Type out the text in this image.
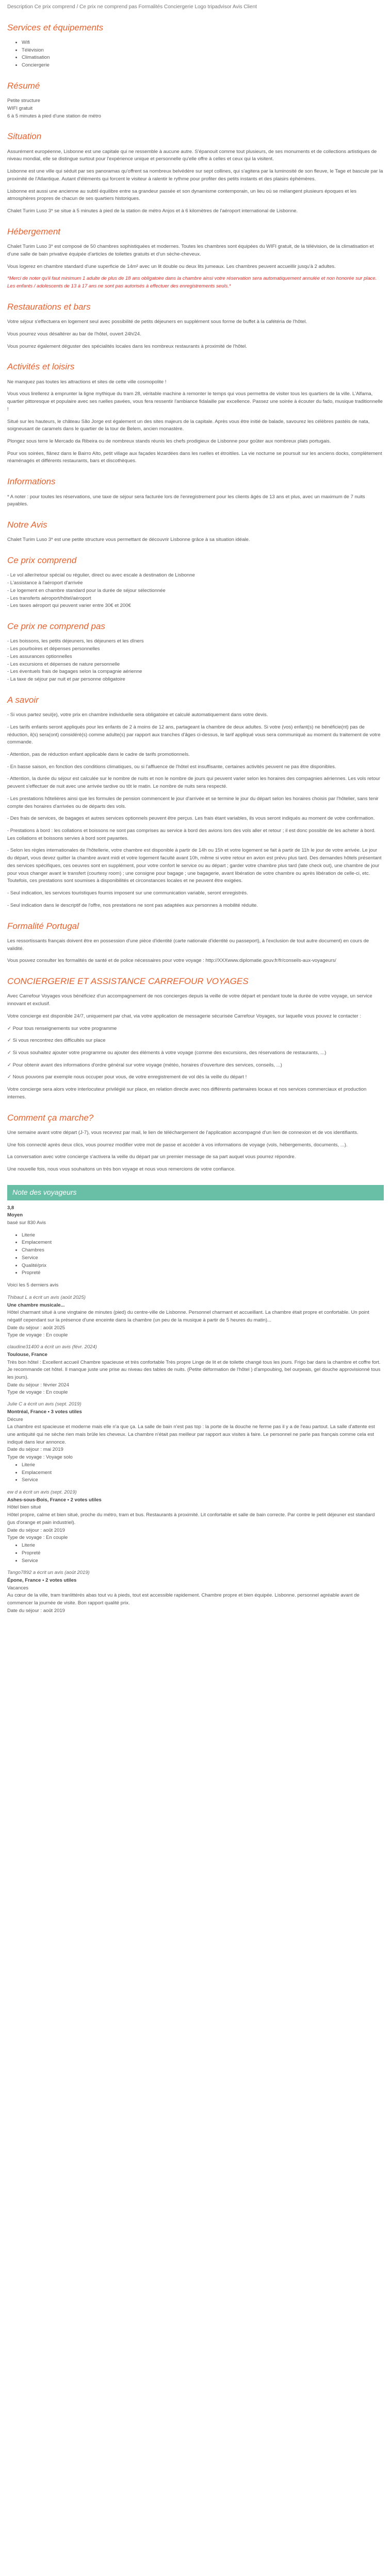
Description Ce prix comprend / Ce prix ne comprend pas Formalités Conciergerie Logo tripadvisor Avis Client
Services et équipements
• Wifi
• Télévision
• Climatisation
• Conciergerie
Résumé
Petite structure
WIFI gratuit
6 à 5 minutes à pied d'une station de métro
Situation

Assurément européenne, Lisbonne est une capitale qui ne ressemble à aucune autre. S'épanouit comme tout plusieurs, de ses monuments et de collections artistiques de niveau mondial, elle se distingue surtout pour l'expérience unique et personnelle qu'elle offre à celles et ceux qui la visitent.

Lisbonne est une ville qui séduit par ses panoramas qu'offrent sa nombreux belvédère sur sept collines, qui s'agitera par la luminosité de son fleuve, le Tage et bascule par la proximité de l'Atlantique. Autant d'éléments qui forcent le visiteur à ralentir le rythme pour profiter des petits instants et des plaisirs éphémères.

Lisbonne est aussi une ancienne au subtil équilibre entre sa grandeur passée et son dynamisme contemporain, un lieu où se mélangent plusieurs époques et les atmosphères propres de chacun de ses quartiers historiques.

Chalet Turim Luso 3* se situe à 5 minutes à pied de la station de métro Anjos et à 6 kilomètres de l'aéroport international de Lisbonne.

Hébergement

Chalet Turim Luso 3* est composé de 50 chambres sophistiquées et modernes. Toutes les chambres sont équipées du WIFI gratuit, de la télévision, de la climatisation et d'une salle de bain privative équipée d'articles de toilettes gratuits et d'un sèche-cheveux.

Vous logerez en chambre standard d'une superficie de 14m² avec un lit double ou deux lits jumeaux. Les chambres peuvent accueillir jusqu'à 2 adultes.

*Merci de noter qu'il faut minimum 1 adulte de plus de 18 ans obligatoire dans la chambre ainsi votre réservation sera automatiquement annulée et non honorée sur place. Les enfants / adolescents de 13 à 17 ans ne sont pas autorisés à effectuer des enregistrements seuls.*

Restaurations et bars

Votre séjour s'effectuera en logement seul avec possibilité de petits déjeuners en supplément sous forme de buffet à la cafétéria de l'hôtel.

Vous pourrez vous désaltérer au bar de l'hôtel, ouvert 24h/24.

Vous pourrez également déguster des spécialités locales dans les nombreux restaurants à proximité de l'hôtel.

Activités et loisirs

Ne manquez pas toutes les attractions et sites de cette ville cosmopolite !

Vous vous lirellerez à emprunter la ligne mythique du tram 28, véritable machine à remonter le temps qui vous permettra de visiter tous les quartiers de la ville. L'Alfama, quartier pittoresque et populaire avec ses ruelles pavées, vous fera ressentir l'ambiance fidalaille par excellence. Passez une soirée à écouter du fado, musique traditionnelle !

Situé sur les hauteurs, le château São Jorge est également un des sites majeurs de la capitale. Après vous être initié de balade, savourez les célèbres pastéis de nata, soigneusant de caramels dans le quartier de la tour de Belem, ancien monastère.

Plongez sous terre le Mercado da Ribeira ou de nombreux stands réunis les chefs prodigieux de Lisbonne pour goûter aux nombreux plats portugais.

Pour vos soirées, flânez dans le Bairro Alto, petit village aux façades lézardées dans les ruelles et étroitiles. La vie nocturne se poursuit sur les anciens docks, complètement réaménagés et différents restaurants, bars et discothèques.

Informations

* A noter : pour toutes les réservations, une taxe de séjour sera facturée lors de l'enregistrement pour les clients âgés de 13 ans et plus, avec un maximum de 7 nuits payables.

Notre Avis

Chalet Turim Luso 3* est une petite structure vous permettant de découvrir Lisbonne grâce à sa situation idéale.

Ce prix comprend
- Le vol aller/retour spécial ou régulier, direct ou avec escale à destination de Lisbonne
- L'assistance à l'aéroport d'arrivée
- Le logement en chambre standard pour la durée de séjour sélectionnée
- Les transferts aéroport/hôtel/aéroport
- Les taxes aéroport qui peuvent varier entre 30€ et 200€
Ce prix ne comprend pas
- Les boissons, les petits déjeuners, les déjeuners et les dîners
- Les pourboires et dépenses personnelles
- Les assurances optionnelles
- Les excursions et dépenses de nature personnelle
- Les éventuels frais de bagages selon la compagnie aérienne
- La taxe de séjour par nuit et par personne obligatoire
A savoir

- Si vous partez seul(e), votre prix en chambre individuelle sera obligatoire et calculé automatiquement dans votre devis.

- Les tarifs enfants seront appliqués pour les enfants de 2 à moins de 12 ans, partageant la chambre de deux adultes. Si votre (vos) enfant(s) ne bénéficie(nt) pas de réduction, il(s) sera(ont) considéré(s) comme adulte(s) par rapport aux tranches d'âges ci-dessus, le tarif appliqué vous sera communiqué au moment du traitement de votre commande.

- Attention, pas de réduction enfant applicable dans le cadre de tarifs promotionnels.

- En basse saison, en fonction des conditions climatiques, ou si l'affluence de l'hôtel est insuffisante, certaines activités peuvent ne pas être disponibles.

- Attention, la durée du séjour est calculée sur le nombre de nuits et non le nombre de jours qui peuvent varier selon les horaires des compagnies aériennes. Les vols retour peuvent s'effectuer de nuit avec une arrivée tardive ou tôt le matin. Le nombre de nuits sera respecté.

- Les prestations hôtelières ainsi que les formules de pension commencent le jour d'arrivée et se termine le jour du départ selon les horaires choisis par l'hôtelier, sans tenir compte des horaires d'arrivées ou de départs des vols.

- Des frais de services, de bagages et autres services optionnels peuvent être perçus. Les frais étant variables, ils vous seront indiqués au moment de votre confirmation.

- Prestations à bord : les collations et boissons ne sont pas comprises au service à bord des avions lors des vols aller et retour ; il est donc possible de les acheter à bord. Les collations et boissons servies à bord sont payantes.

- Selon les règles internationales de l'hôtellerie, votre chambre est disponible à partir de 14h ou 15h et votre logement se fait à partir de 11h le jour de votre arrivée. Le jour du départ, vous devez quitter la chambre avant midi et votre logement faculté avant 10h, même si votre retour en avion est prévu plus tard. Des demandes hôtels présentant des services spécifiques, ces oeuvres sont en supplément, pour votre confort le service ou au départ ; garder votre chambre plus tard (late check out), une chambre de jour pour vous changer avant le transfert (courtesy room) ; une consigne pour bagage ; une bagagerie, avant libération de votre chambre ou après libération de celle-ci, etc. Toutefois, ces prestations sont soumises à disponibilités et circonstances locales et ne peuvent être exigées.

- Seul indication, les services touristiques fournis imposent sur une communication variable, seront enregistrés.

- Seul indication dans le descriptif de l'offre, nos prestations ne sont pas adaptées aux personnes à mobilité réduite.

Formalité Portugal

Les ressortissants français doivent être en possession d'une pièce d'identité (carte nationale d'identité ou passeport), à l'exclusion de tout autre document) en cours de validité.

Vous pouvez consulter les formalités de santé et de police nécessaires pour votre voyage : http://XXXwww.diplomatie.gouv.fr/fr/conseils-aux-voyageurs/

CONCIERGERIE ET ASSISTANCE CARREFOUR VOYAGES

Avec Carrefour Voyages vous bénéficiez d'un accompagnement de nos concierges depuis la veille de votre départ et pendant toute la durée de votre voyage, un service innovant et exclusif.

Votre concierge est disponible 24/7, uniquement par chat, via votre application de messagerie sécurisée Carrefour Voyages, sur laquelle vous pouvez le contacter :

✓ Pour tous renseignements sur votre programme

✓ Si vous rencontrez des difficultés sur place

✓ Si vous souhaitez ajouter votre programme ou ajouter des éléments à votre voyage (comme des excursions, des réservations de restaurants, ...)

✓ Pour obtenir avant des informations d'ordre général sur votre voyage (météo, horaires d'ouverture des services, conseils, ...)

✓ Nous pouvons par exemple nous occuper pour vous, de votre enregistrement de vol dès la veille du départ !

Votre concierge sera alors votre interlocuteur privilégié sur place, en relation directe avec nos différents partenaires locaux et nos services commerciaux et production internes.

Comment ça marche?

Une semaine avant votre départ (J-7), vous recevrez par mail, le lien de téléchargement de l'application accompagné d'un lien de connexion et de vos identifiants.

Une fois connecté après deux clics, vous pourrez modifier votre mot de passe et accéder à vos informations de voyage (vols, hébergements, documents, ...).

La conversation avec votre concierge s'activera la veille du départ par un premier message de sa part auquel vous pourrez répondre.

Une nouvelle fois, nous vous souhaitons un très bon voyage et nous vous remercions de votre confiance.

Note des voyageurs
3,8
Moyen

basé sur 830 Avis

• Literie
• Emplacement
• Chambres
• Service
• Qualité/prix
• Propreté

Voici les 5 derniers avis

Thibaut L a écrit un avis (août 2025)
Une chambre musicale...
Hôtel charmant situé à une vingtaine de minutes (pied) du centre-ville de Lisbonne. Personnel charmant et accueillant. La chambre était propre et confortable. Un point négatif cependant sur la présence d'une enceinte dans la chambre (un peu de la musique à partir de 5 heures du matin)...
Date du séjour : août 2025
Type de voyage : En couple
claudine31400 a écrit un avis (févr. 2024)
Toulouse, France
Très bon hôtel : Excellent accueil Chambre spacieuse et très confortable Très propre Linge de lit et de toilette changé tous les jours. Frigo bar dans la chambre et coffre fort. Je recommande cet hôtel. Il manque juste une prise au niveau des tables de nuits. (Petite déformation de l'hôtel ) d'ampoubing, bel ourpeais, gel douche approvisionné tous les jours).
Date du séjour : février 2024
Type de voyage : En couple
Julie C a écrit un avis (sept. 2019)
Montréal, France • 3 votes utiles
Décure
La chambre est spacieuse et moderne mais elle n'a que ça. La salle de bain n'est pas top : la porte de la douche ne ferme pas il y a de l'eau partout. La salle d'attente est une antiquité qui ne sèche rien mais brûle les cheveux. La chambre n'était pas meilleur par rapport aux visites à faire. Le personnel ne parle pas français comme cela est indiqué dans leur annonce.
Date du séjour : mai 2019
Type de voyage : Voyage solo
• Literie
• Emplacement
• Service
ew d a écrit un avis (sept. 2019)
Ashes-sous-Bois, France • 2 votes utiles
Hôtel bien situé
Hôtel propre, calme et bien situé, proche du métro, tram et bus. Restaurants à proximité. Lit confortable et salle de bain correcte. Par contre le petit déjeuner est standard (jus d'orange et pain industriel).
Date du séjour : août 2019
Type de voyage : En couple
• Literie
• Propreté
• Service
Tango7892 a écrit un avis (août 2019)
Épone, France • 2 votes utiles
Vacances
Au cœur de la ville, tram tranlittérés abas tout vu à pieds, tout est accessible rapidement. Chambre propre et bien équipée. Lisbonne. personnel agréable avant de commencer la journée de visite. Bon rapport qualité prix.
Date du séjour : août 2019
